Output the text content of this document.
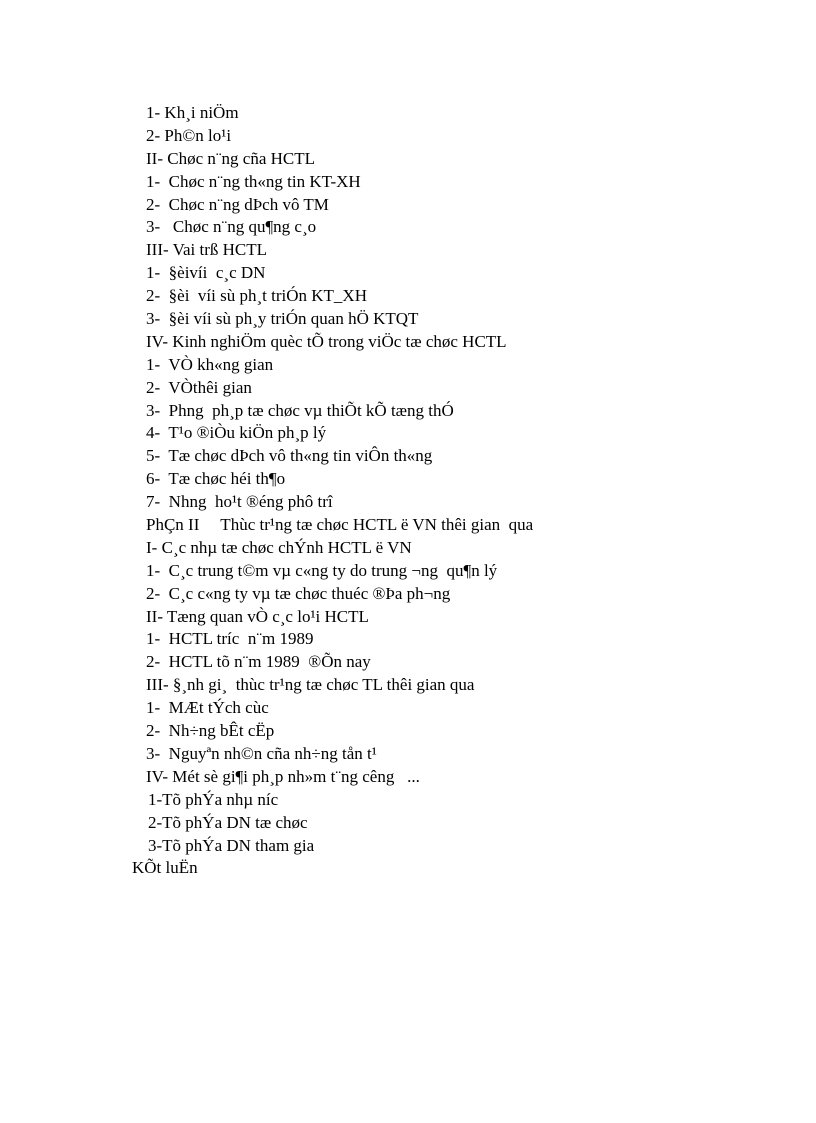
1- Kh¸i niÖm
2- Ph©n lo¹i
II- Chøc n¨ng cña HCTL
1-  Chøc n¨ng th«ng tin KT-XH
2-  Chøc n¨ng dÞch vô TM
3-   Chøc n¨ng qu¶ng c¸o
III- Vai trß HCTL
1-  §èivíi  c¸c DN
2-  §èi  víi sù ph¸t triÓn KT_XH
3-  §èi víi sù ph¸y triÓn quan hÖ KTQT
IV- Kinh nghiÖm quèc tÕ trong viÖc tæ chøc HCTL
1-  VÒ kh«ng gian
2-  VÒthêi gian
3-  Phng  ph¸p tæ chøc vµ thiÕt kÕ tæng thÓ
4-  T¹o ®iÒu kiÖn ph¸p lý
5-  Tæ chøc dÞch vô th«ng tin viÔn th«ng
6-  Tæ chøc héi th¶o
7-  Nhng  ho¹t ®éng phô trî
PhÇn II     Thùc tr¹ng tæ chøc HCTL ë VN thêi gian  qua
I- C¸c nhµ tæ chøc chÝnh HCTL ë VN
1-  C¸c trung t©m vµ c«ng ty do trung ¬ng  qu¶n lý
2-  C¸c c«ng ty vµ tæ chøc thuéc ®Þa ph¬ng
II- Tæng quan vÒ c¸c lo¹i HCTL
1-  HCTL tríc  n¨m 1989
2-  HCTL tõ n¨m 1989  ®Õn nay
III- §¸nh gi¸  thùc tr¹ng tæ chøc TL thêi gian qua
1-  MÆt tÝch cùc
2-  Nh÷ng bÊt cËp
3-  Nguyªn nh©n cña nh÷ng tån t¹
IV- Mét sè gi¶i ph¸p nh»m t¨ng cêng   ...
1-Tõ phÝa nhµ níc
2-Tõ phÝa DN tæ chøc
3-Tõ phÝa DN tham gia
KÕt luËn
